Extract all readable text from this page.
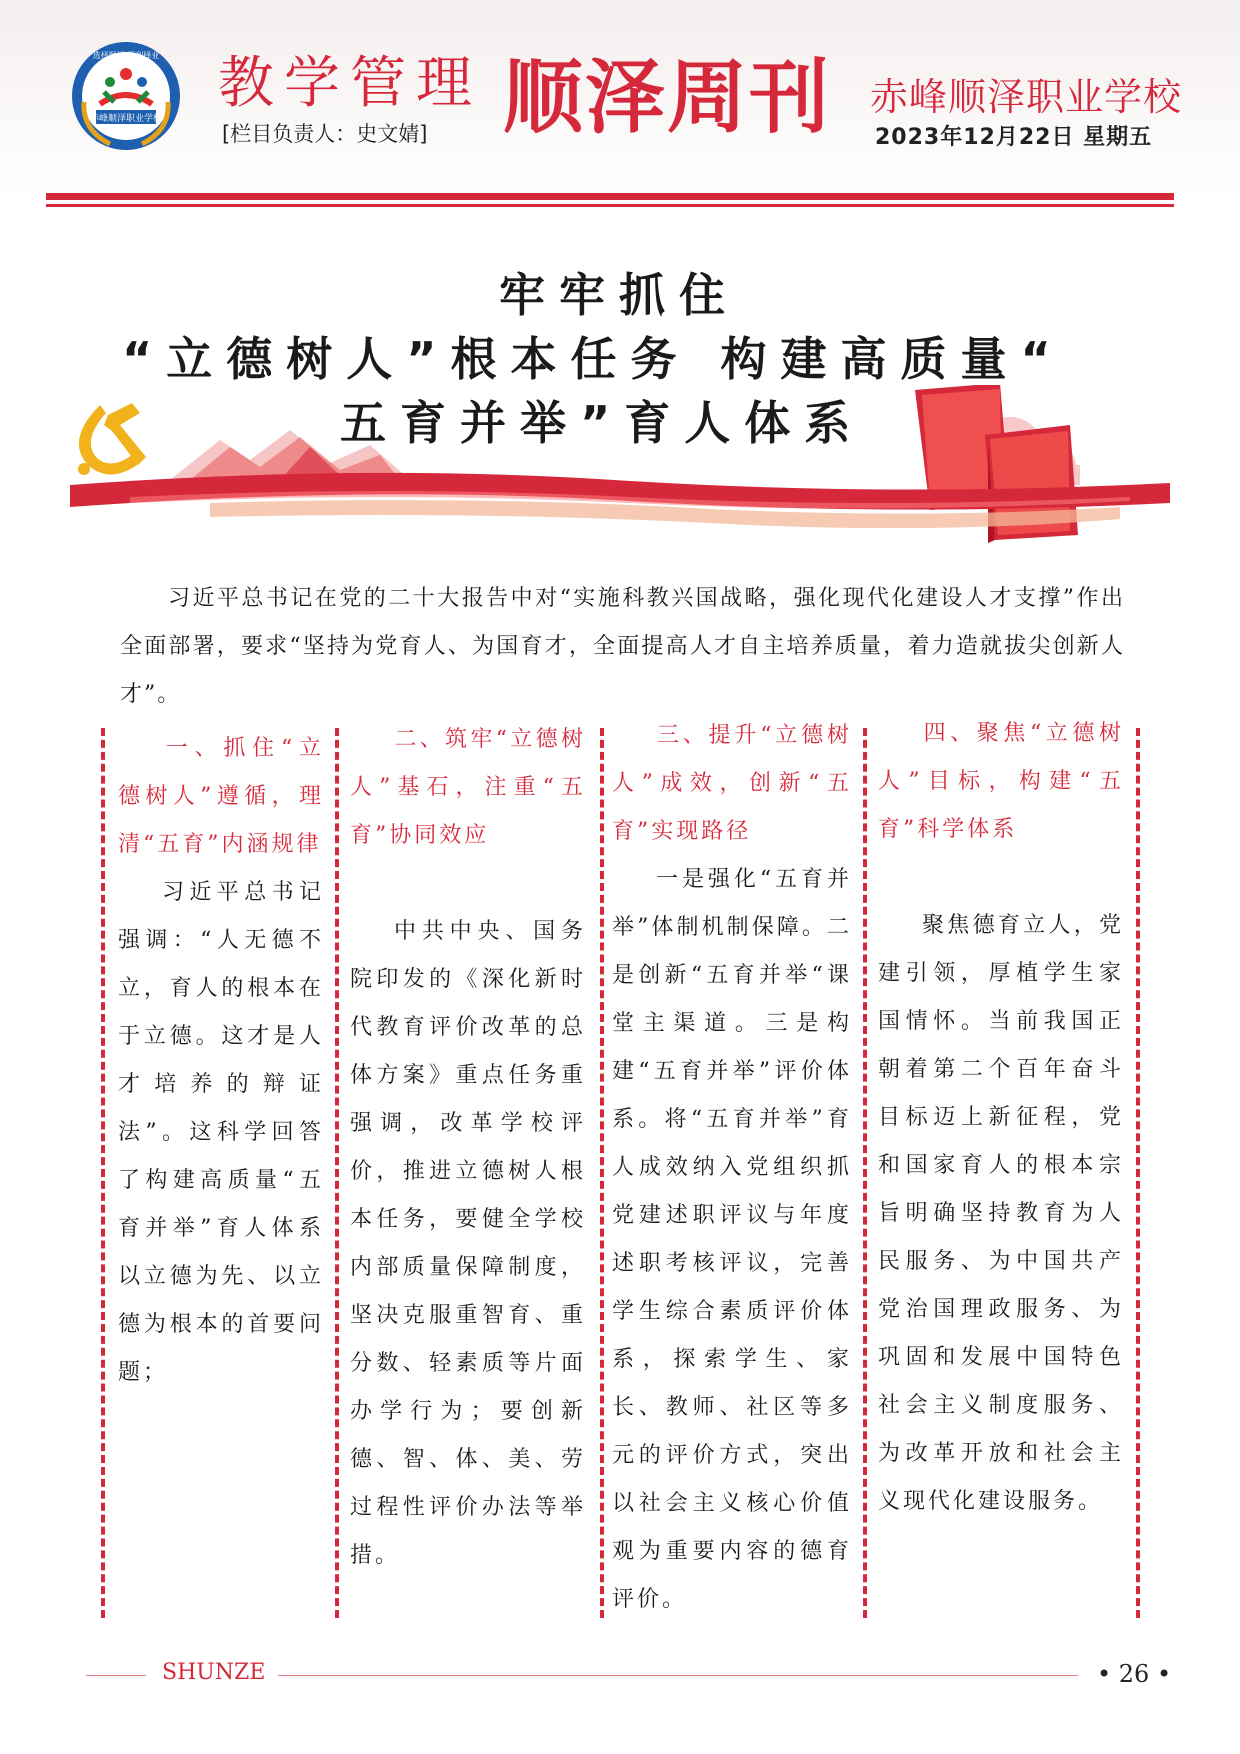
赤峰顺泽职业学校
选择顺泽 顺利择业 教学管理
[栏目负责人：史文婧] 顺泽周刊 赤峰顺泽职业学校
2023年12月22日 星期五
牢牢抓住
“立德树人”根本任务 构建高质量“
五育并举”育人体系

习近平总书记在党的二十大报告中对“实施科教兴国战略，强化现代化建设人才支撑”作出全面部署，要求“坚持为党育人、为国育才，全面提高人才自主培养质量，着力造就拔尖创新人才”。

一、抓住“立德树人”遵循，理清“五育”内涵规律

习近平总书记强调：“人无德不立，育人的根本在于立德。这才是人才培养的辩证法”。这科学回答了构建高质量“五育并举”育人体系以立德为先、以立德为根本的首要问题；

二、筑牢“立德树人”基石，注重“五育”协同效应

中共中央、国务院印发的《深化新时代教育评价改革的总体方案》重点任务重强调，改革学校评价，推进立德树人根本任务，要健全学校内部质量保障制度，坚决克服重智育、重分数、轻素质等片面办学行为；要创新德、智、体、美、劳过程性评价办法等举措。

三、提升“立德树人”成效，创新“五育”实现路径

一是强化“五育并举”体制机制保障。二是创新“五育并举“课堂主渠道。三是构建“五育并举”评价体系。将“五育并举”育人成效纳入党组织抓党建述职评议与年度述职考核评议，完善学生综合素质评价体系，探索学生、家长、教师、社区等多元的评价方式，突出以社会主义核心价值观为重要内容的德育评价。

四、聚焦“立德树人”目标，构建“五育”科学体系

聚焦德育立人，党建引领，厚植学生家国情怀。当前我国正朝着第二个百年奋斗目标迈上新征程，党和国家育人的根本宗旨明确坚持教育为人民服务、为中国共产党治国理政服务、为巩固和发展中国特色社会主义制度服务、为改革开放和社会主义现代化建设服务。

SHUNZE	• 26 •
